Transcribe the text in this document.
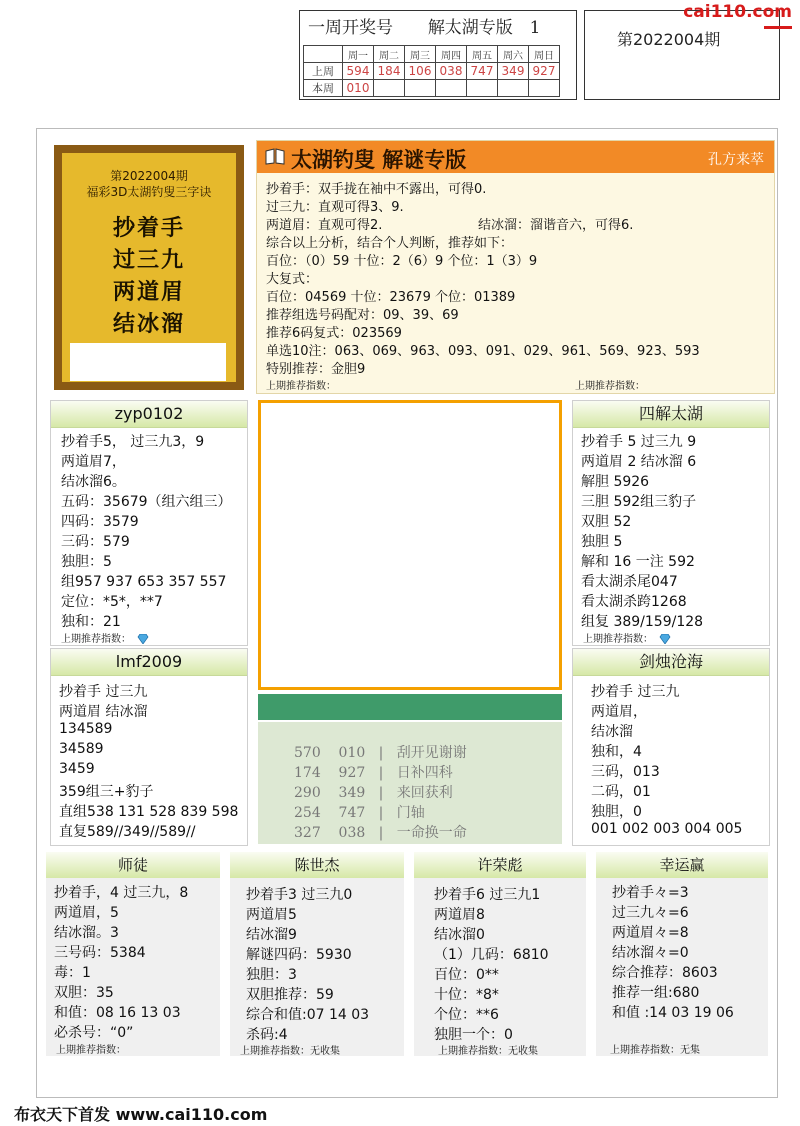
一周开奖号 解太湖专版 1
	周一	周二	周三	周四	周五	周六	周日
上周	594	184	106	038	747	349	927
本周	010						
第2022004期
cai110.com
第2022004期
福彩3D太湖钓叟三字诀
抄着手
过三九
两道眉
结冰溜
太湖钓叟 解谜专版	孔方来萃
抄着手：双手拢在袖中不露出，可得0.
过三九：直观可得3、9.
两道眉：直观可得2.	结冰溜：溜谐音六，可得6.
综合以上分析，结合个人判断，推荐如下：
百位：（0）59 十位：2（6）9 个位：1（3）9
大复式：
百位：04569 十位：23679 个位：01389
推荐组选号码配对：09、39、69
推荐6码复式：023569
单选10注：063、069、963、093、091、029、961、569、923、593
特别推荐：金胆9
上期推荐指数：	上期推荐指数：
zyp0102
抄着手5， 过三九3，9
两道眉7，
结冰溜6。
五码：35679（组六组三）
四码：3579
三码：579
独胆：5
组957 937 653 357 557
定位：*5*，**7
独和：21
上期推荐指数：
lmf2009
抄着手 过三九
两道眉 结冰溜
134589
34589
3459
359组三+豹子
直组538 131 528 839 598
直复589//349//589//
570 010 | 刮开见谢谢
174 927 | 日补四科
290 349 | 来回获利
254 747 | 门轴
327 038 | 一命换一命
四解太湖
抄着手 5 过三九 9
两道眉 2 结冰溜 6
解胆 5926
三胆 592组三豹子
双胆 52
独胆 5
解和 16 一注 592
看太湖杀尾047
看太湖杀跨1268
组复 389/159/128
上期推荐指数：
剑烛沧海
抄着手 过三九
两道眉，
结冰溜
独和，4
三码，013
二码，01
独胆，0
001 002 003 004 005
师徒
抄着手，4 过三九，8
两道眉，5
结冰溜。3
三号码：5384
毒：1
双胆：35
和值：08 16 13 03
必杀号：“0”
上期推荐指数：
陈世杰
抄着手3 过三九0
两道眉5
结冰溜9
解谜四码：5930
独胆：3
双胆推荐：59
综合和值:07 14 03
杀码:4
上期推荐指数：无收集
许荣彪
抄着手6 过三九1
两道眉8
结冰溜0
（1）几码：6810
百位：0**
十位：*8*
个位：**6
独胆一个：0
上期推荐指数：无收集
幸运赢
抄着手々=3
过三九々=6
两道眉々=8
结冰溜々=0
综合推荐：8603
推荐一组:680
和值 :14 03 19 06
上期推荐指数：无集
布衣天下首发 www.cai110.com
